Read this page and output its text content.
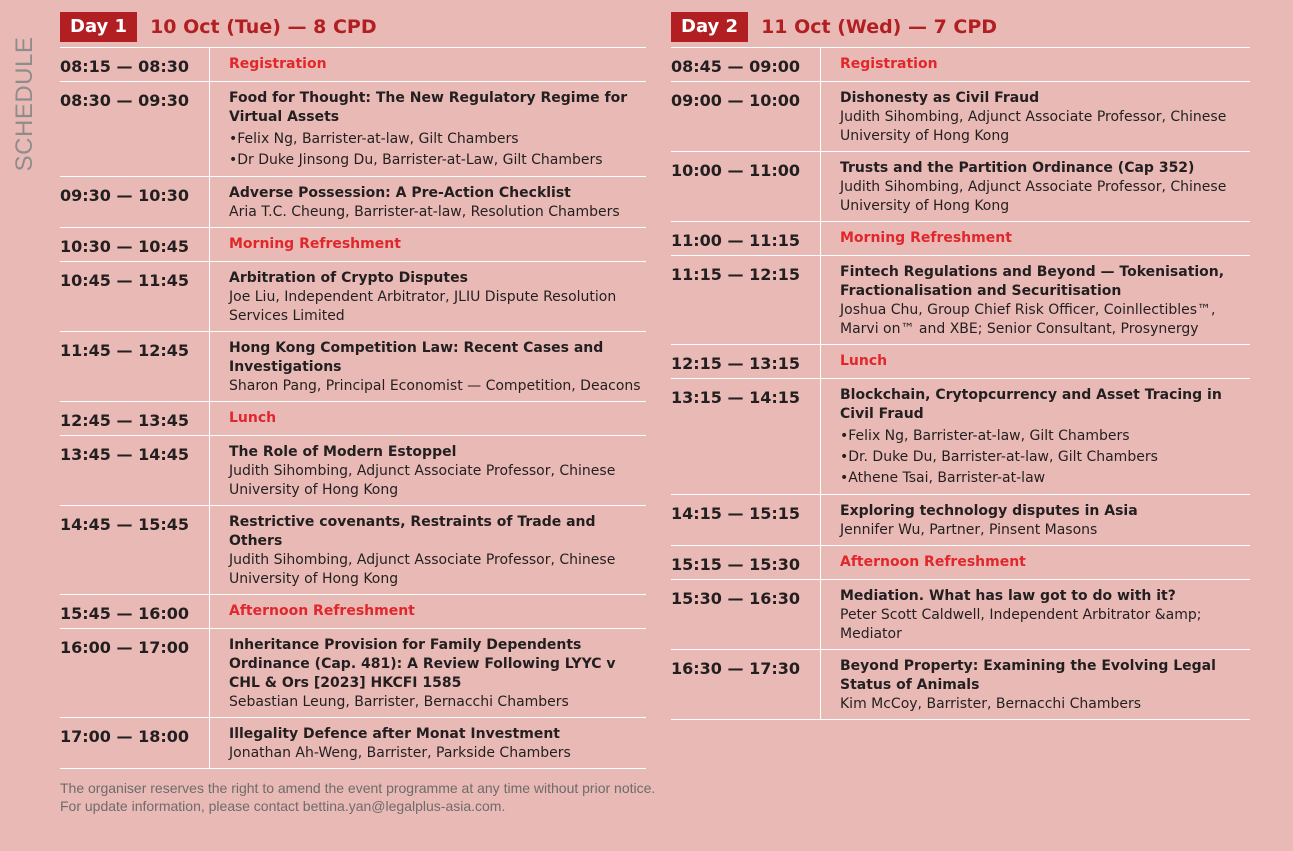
SCHEDULE
Day 1	10 Oct (Tue) — 8 CPD
08:15 — 08:30	Registration
08:30 — 09:30	Food for Thought: The New Regulatory Regime for Virtual Assets
• Felix Ng, Barrister-at-law, Gilt Chambers
• Dr Duke Jinsong Du, Barrister-at-Law, Gilt Chambers
09:30 — 10:30	Adverse Possession: A Pre-Action Checklist
Aria T.C. Cheung, Barrister-at-law, Resolution Chambers
10:30 — 10:45	Morning Refreshment
10:45 — 11:45	Arbitration of Crypto Disputes
Joe Liu, Independent Arbitrator, JLIU Dispute Resolution Services Limited
11:45 — 12:45	Hong Kong Competition Law: Recent Cases and Investigations
Sharon Pang, Principal Economist — Competition, Deacons
12:45 — 13:45	Lunch
13:45 — 14:45	The Role of Modern Estoppel
Judith Sihombing, Adjunct Associate Professor, Chinese University of Hong Kong
14:45 — 15:45	Restrictive covenants, Restraints of Trade and Others
Judith Sihombing, Adjunct Associate Professor, Chinese University of Hong Kong
15:45 — 16:00	Afternoon Refreshment
16:00 — 17:00	Inheritance Provision for Family Dependents Ordinance (Cap. 481): A Review Following LYYC v CHL & Ors [2023] HKCFI 1585
Sebastian Leung, Barrister, Bernacchi Chambers
17:00 — 18:00	Illegality Defence after Monat Investment
Jonathan Ah-Weng, Barrister, Parkside Chambers
Day 2	11 Oct (Wed) — 7 CPD
08:45 — 09:00	Registration
09:00 — 10:00	Dishonesty as Civil Fraud
Judith Sihombing, Adjunct Associate Professor, Chinese University of Hong Kong
10:00 — 11:00	Trusts and the Partition Ordinance (Cap 352)
Judith Sihombing, Adjunct Associate Professor, Chinese University of Hong Kong
11:00 — 11:15	Morning Refreshment
11:15 — 12:15	Fintech Regulations and Beyond — Tokenisation, Fractionalisation and Securitisation
Joshua Chu, Group Chief Risk Officer, Coinllectibles™, Marvi on™ and XBE; Senior Consultant, Prosynergy
12:15 — 13:15	Lunch
13:15 — 14:15	Blockchain, Crytopcurrency and Asset Tracing in Civil Fraud
• Felix Ng, Barrister-at-law, Gilt Chambers
• Dr. Duke Du, Barrister-at-law, Gilt Chambers
• Athene Tsai, Barrister-at-law
14:15 — 15:15	Exploring technology disputes in Asia
Jennifer Wu, Partner, Pinsent Masons
15:15 — 15:30	Afternoon Refreshment
15:30 — 16:30	Mediation. What has law got to do with it?
Peter Scott Caldwell, Independent Arbitrator &amp; Mediator
16:30 — 17:30	Beyond Property: Examining the Evolving Legal Status of Animals
Kim McCoy, Barrister, Bernacchi Chambers
The organiser reserves the right to amend the event programme at any time without prior notice.
For update information, please contact bettina.yan@legalplus-asia.com.
